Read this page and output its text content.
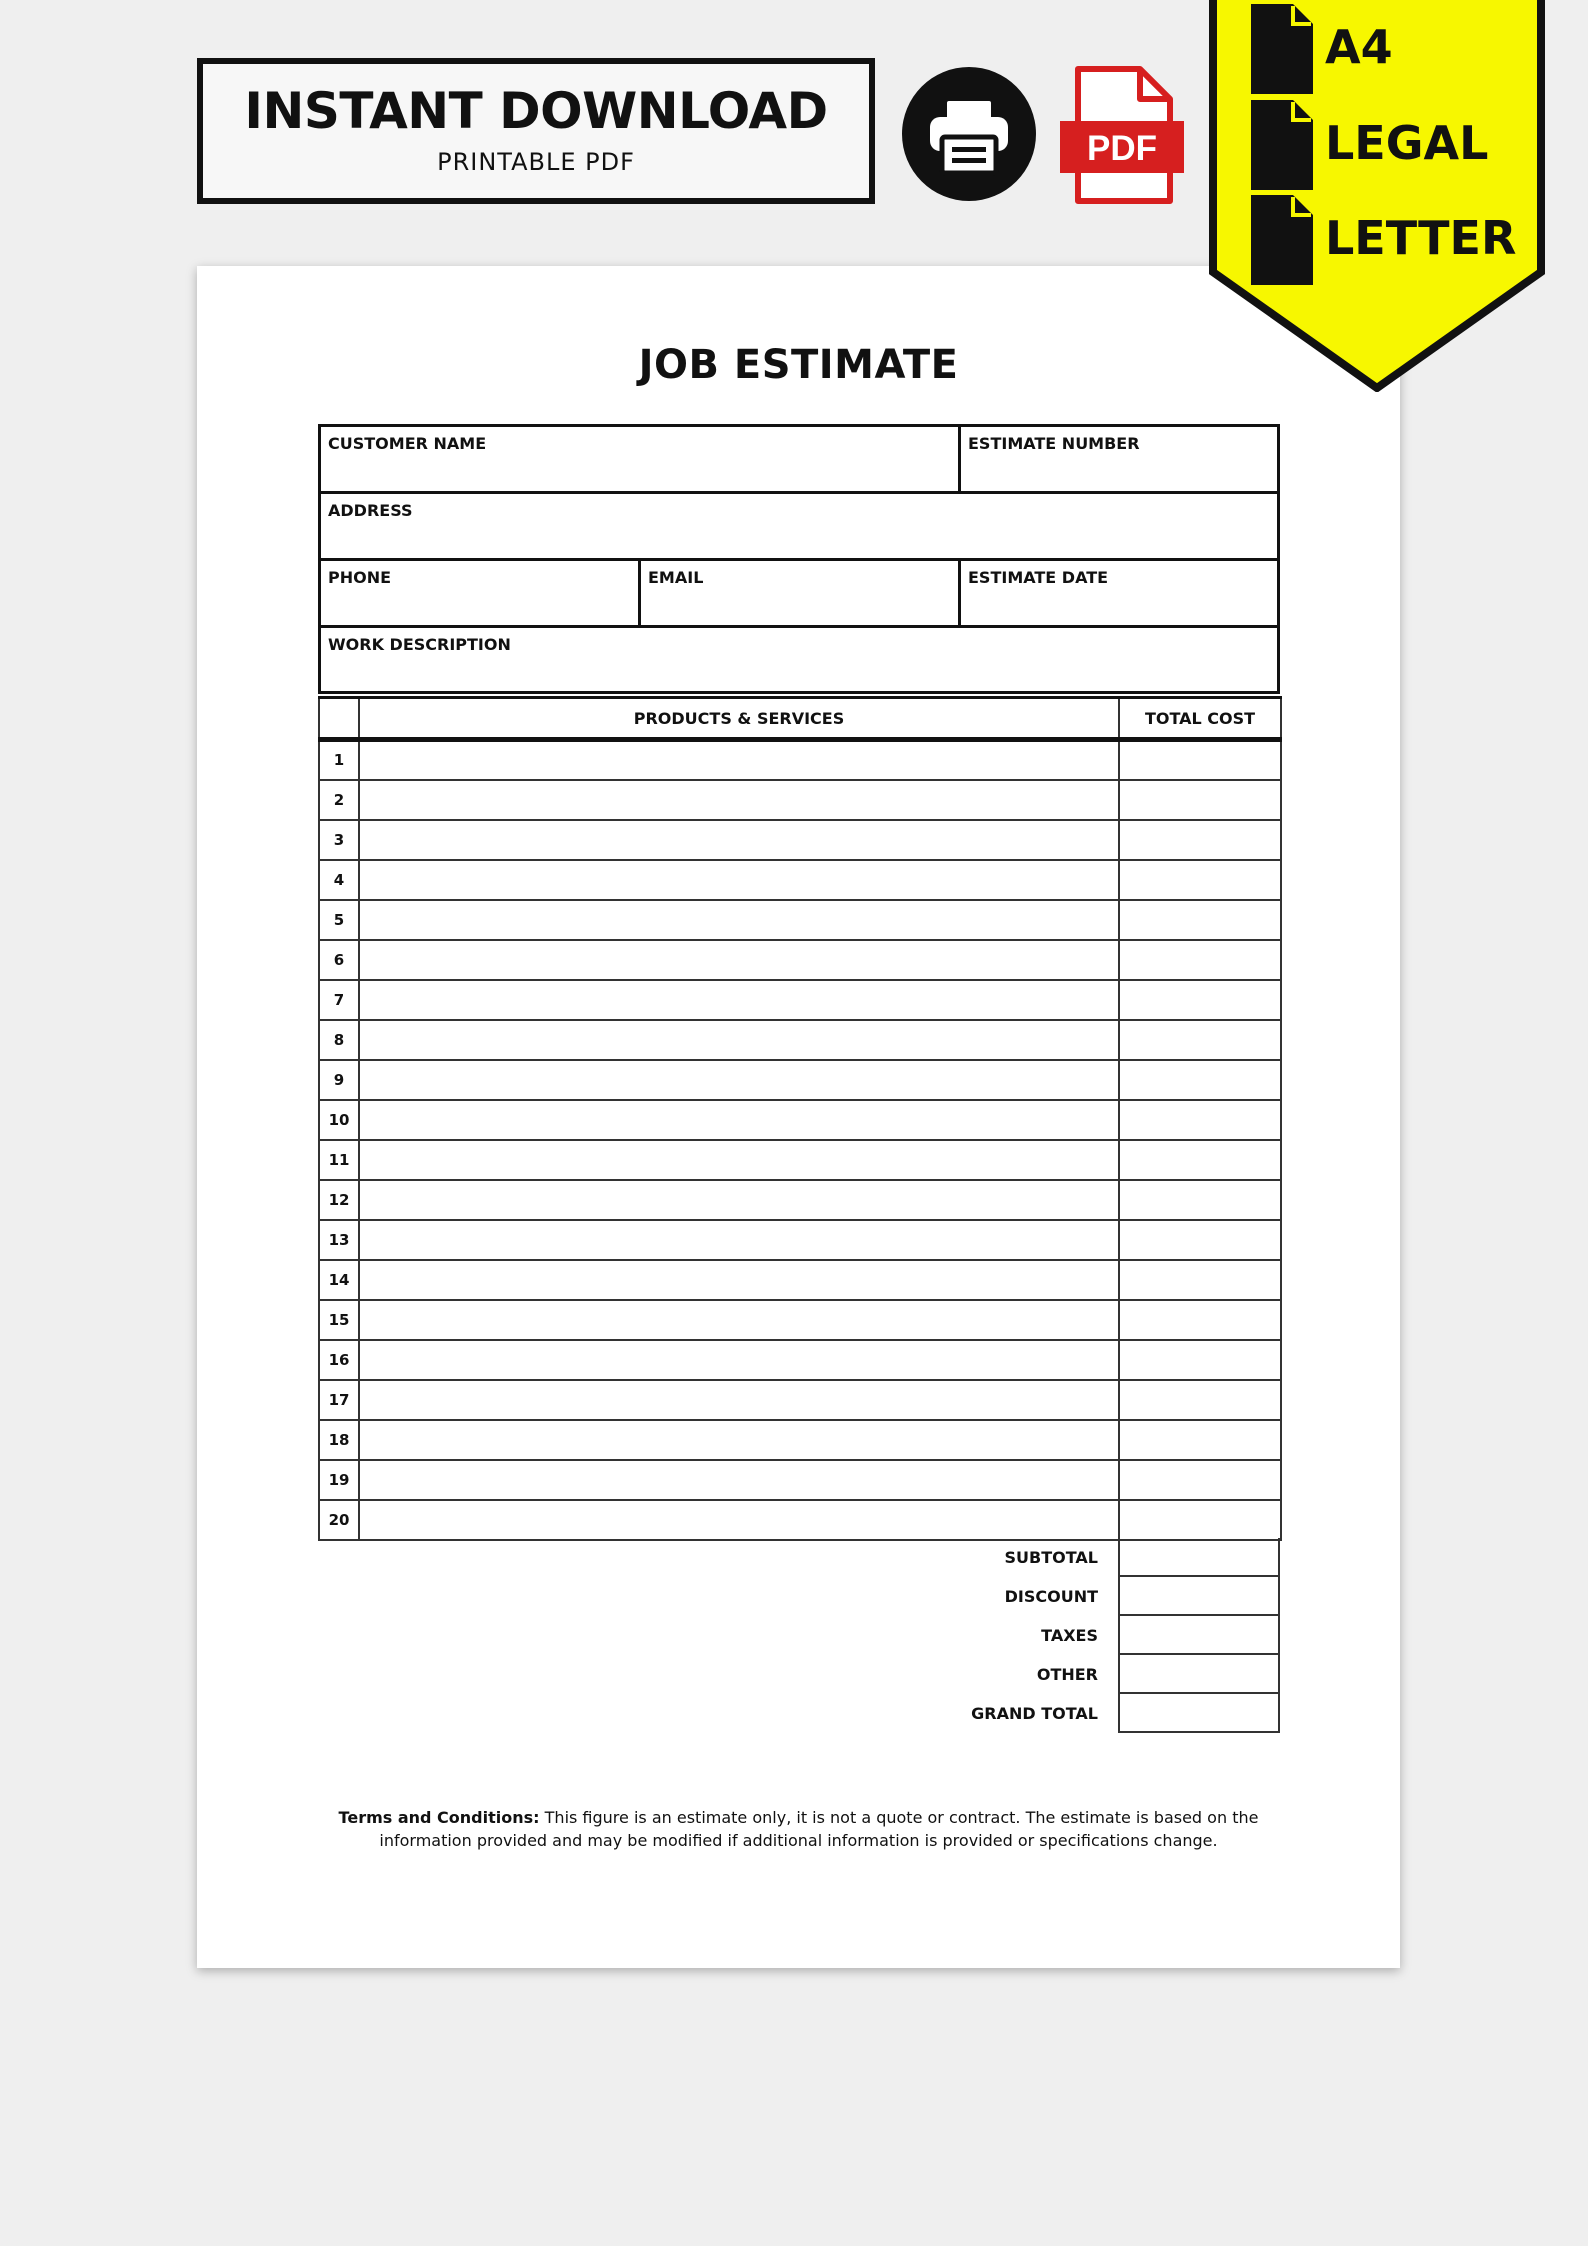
INSTANT DOWNLOAD
PRINTABLE PDF	PDF
JOB ESTIMATE
CUSTOMER NAME	ESTIMATE NUMBER
ADDRESS
PHONE	EMAIL	ESTIMATE DATE
WORK DESCRIPTION
	PRODUCTS & SERVICES	TOTAL COST
1		
2		
3		
4		
5		
6		
7		
8		
9		
10		
11		
12		
13		
14		
15		
16		
17		
18		
19		
20		
SUBTOTAL
DISCOUNT
TAXES
OTHER
GRAND TOTAL
Terms and Conditions: This figure is an estimate only, it is not a quote or contract. The estimate is based on the
information provided and may be modified if additional information is provided or specifications change.
A4
LEGAL
LETTER
